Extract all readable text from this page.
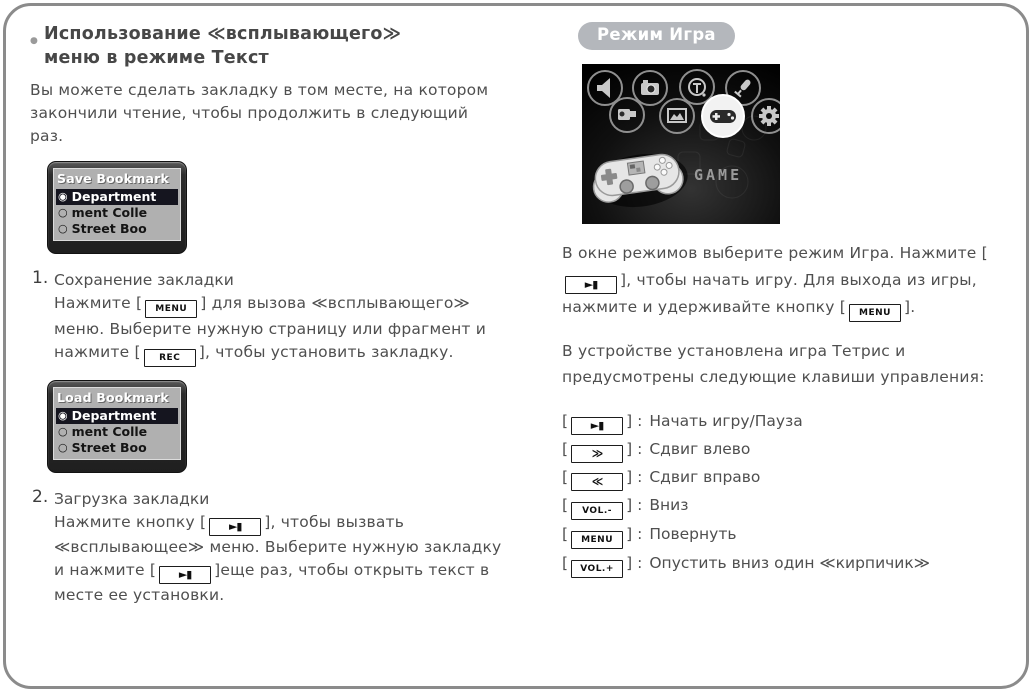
● Использование ≪всплывающего≫
меню в режиме Текст
Вы можете сделать закладку в том месте, на котором закончили чтение, чтобы продолжить в следующий раз.
Save Bookmark
◉ Department
○ ment Colle
○ Street Boo
1. Сохранение закладки
Нажмите [ MENU ] для вызова ≪всплывающего≫ меню. Выберите нужную страницу или фрагмент и нажмите [ REC ], чтобы установить закладку.
Load Bookmark
◉ Department
○ ment Colle
○ Street Boo
2. Загрузка закладки
Нажмите кнопку [ ►▮ ], чтобы вызвать ≪всплывающее≫ меню. Выберите нужную закладку и нажмите [ ►▮ ]еще раз, чтобы открыть текст в месте ее установки.
Режим Игра
GAME
В окне режимов выберите режим Игра. Нажмите [►▮ ], чтобы начать игру. Для выхода из игры, нажмите и удерживайте кнопку [ MENU ].
В устройстве установлена игра Тетрис и предусмотрены следующие клавиши управления:
[ ►▮ ] : Начать игру/Пауза
[ ≫ ] : Сдвиг влево
[ ≪ ] : Сдвиг вправо
[ VOL.- ] : Вниз
[ MENU ] : Повернуть
[ VOL.+ ] : Опустить вниз один ≪кирпичик≫
